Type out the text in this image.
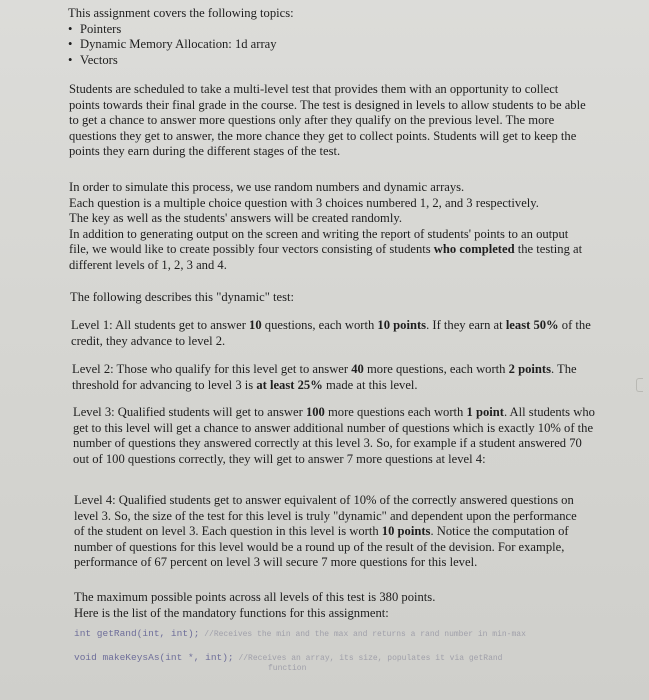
This assignment covers the following topics:
• Pointers
• Dynamic Memory Allocation: 1d array
• Vectors

Students are scheduled to take a multi-level test that provides them with an opportunity to collect points towards their final grade in the course. The test is designed in levels to allow students to be able to get a chance to answer more questions only after they qualify on the previous level. The more questions they get to answer, the more chance they get to collect points. Students will get to keep the points they earn during the different stages of the test.

In order to simulate this process, we use random numbers and dynamic arrays.
Each question is a multiple choice question with 3 choices numbered 1, 2, and 3 respectively.
The key as well as the students' answers will be created randomly.
In addition to generating output on the screen and writing the report of students' points to an output file, we would like to create possibly four vectors consisting of students who completed the testing at different levels of 1, 2, 3 and 4.

The following describes this "dynamic" test:

Level 1: All students get to answer 10 questions, each worth 10 points. If they earn at least 50% of the credit, they advance to level 2.

Level 2: Those who qualify for this level get to answer 40 more questions, each worth 2 points. The threshold for advancing to level 3 is at least 25% made at this level.

Level 3: Qualified students will get to answer 100 more questions each worth 1 point. All students who get to this level will get a chance to answer additional number of questions which is exactly 10% of the number of questions they answered correctly at this level 3. So, for example if a student answered 70 out of 100 questions correctly, they will get to answer 7 more questions at level 4:

Level 4: Qualified students get to answer equivalent of 10% of the correctly answered questions on level 3. So, the size of the test for this level is truly "dynamic" and dependent upon the performance of the student on level 3. Each question in this level is worth 10 points. Notice the computation of number of questions for this level would be a round up of the result of the devision. For example, performance of 67 percent on level 3 will secure 7 more questions for this level.

The maximum possible points across all levels of this test is 380 points.
Here is the list of the mandatory functions for this assignment:
int getRand(int, int); //Receives the min and the max and returns a rand number in min-max
void makeKeysAs(int *, int); //Receives an array, its size, populates it via getRand
function
